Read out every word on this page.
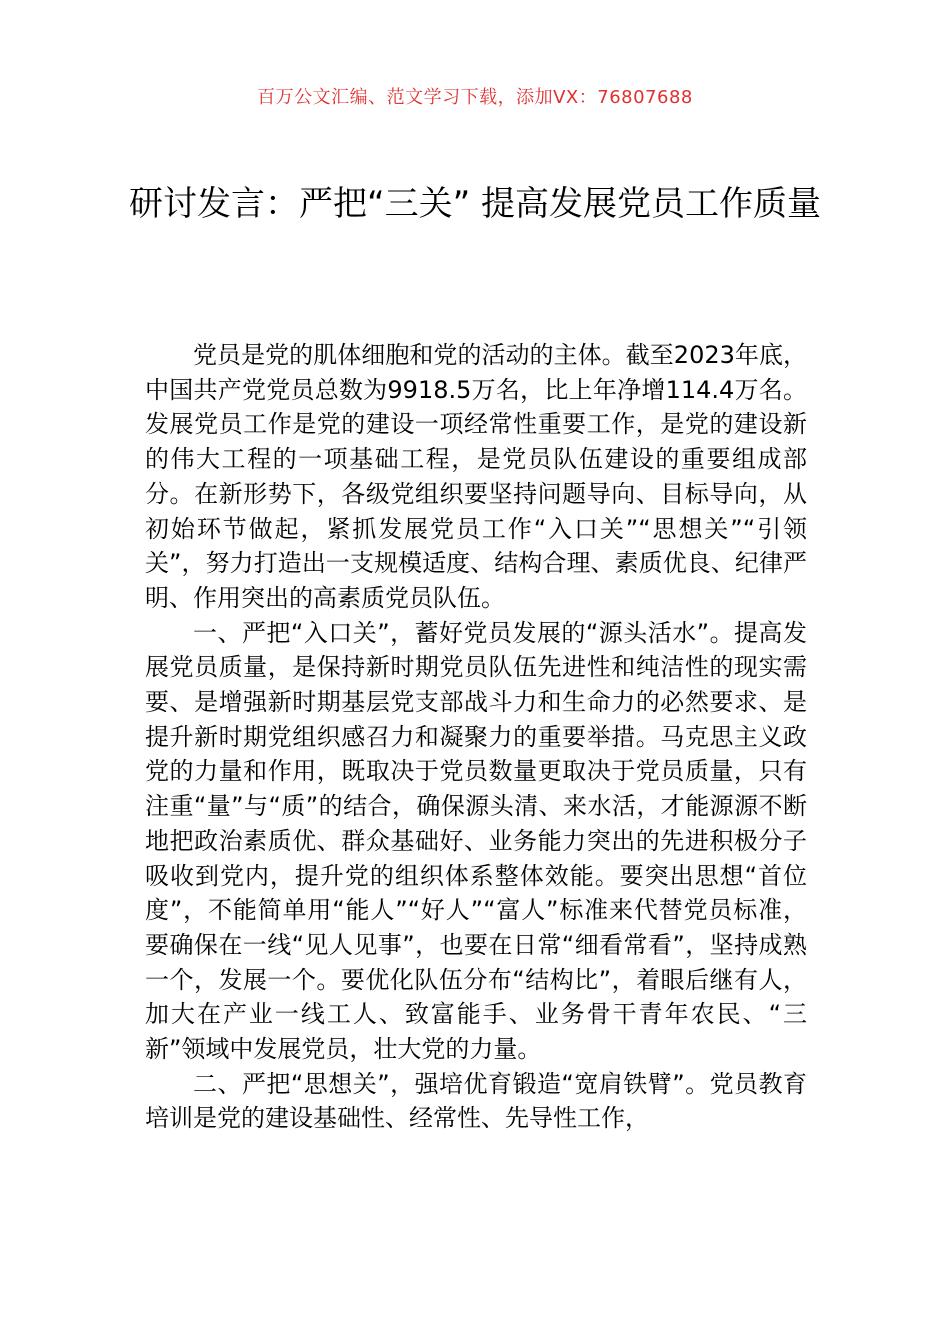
百万公文汇编、范文学习下载，添加VX：76807688
研讨发言：严把“三关” 提高发展党员工作质量

党员是党的肌体细胞和党的活动的主体。截至2023年底，中国共产党党员总数为9918.5万名，比上年净增114.4万名。发展党员工作是党的建设一项经常性重要工作，是党的建设新的伟大工程的一项基础工程，是党员队伍建设的重要组成部分。在新形势下，各级党组织要坚持问题导向、目标导向，从初始环节做起，紧抓发展党员工作“入口关”“思想关”“引领关”，努力打造出一支规模适度、结构合理、素质优良、纪律严明、作用突出的高素质党员队伍。

一、严把“入口关”，蓄好党员发展的“源头活水”。提高发展党员质量，是保持新时期党员队伍先进性和纯洁性的现实需要、是增强新时期基层党支部战斗力和生命力的必然要求、是提升新时期党组织感召力和凝聚力的重要举措。马克思主义政党的力量和作用，既取决于党员数量更取决于党员质量，只有注重“量”与“质”的结合，确保源头清、来水活，才能源源不断地把政治素质优、群众基础好、业务能力突出的先进积极分子吸收到党内，提升党的组织体系整体效能。要突出思想“首位度”，不能简单用“能人”“好人”“富人”标准来代替党员标准，要确保在一线“见人见事”，也要在日常“细看常看”，坚持成熟一个，发展一个。要优化队伍分布“结构比”，着眼后继有人，加大在产业一线工人、致富能手、业务骨干青年农民、“三新”领域中发展党员，壮大党的力量。

二、严把“思想关”，强培优育锻造“宽肩铁臂”。党员教育培训是党的建设基础性、经常性、先导性工作，
